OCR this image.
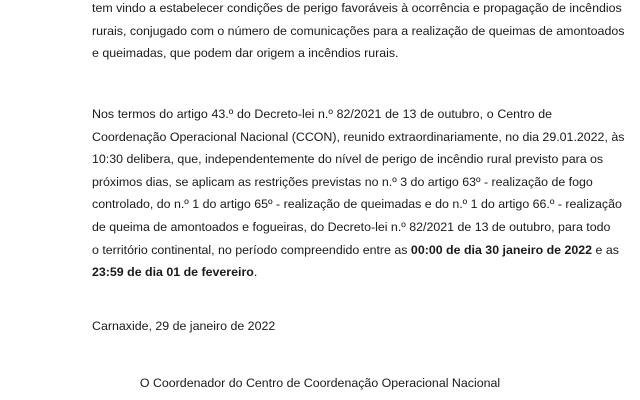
tem vindo a estabelecer condições de perigo favoráveis à ocorrência e propagação de incêndios
rurais, conjugado com o número de comunicações para a realização de queimas de amontoados
e queimadas, que podem dar origem a incêndios rurais.

Nos termos do artigo 43.º do Decreto-lei n.º 82/2021 de 13 de outubro, o Centro de
Coordenação Operacional Nacional (CCON), reunido extraordinariamente, no dia 29.01.2022, às
10:30 delibera, que, independentemente do nível de perigo de incêndio rural previsto para os
próximos dias, se aplicam as restrições previstas no n.º 3 do artigo 63º - realização de fogo
controlado, do n.º 1 do artigo 65º - realização de queimadas e do n.º 1 do artigo 66.º - realização
de queima de amontoados e fogueiras, do Decreto-lei n.º 82/2021 de 13 de outubro, para todo
o território continental, no período compreendido entre as 00:00 de dia 30 janeiro de 2022 e as
23:59 de dia 01 de fevereiro.

Carnaxide, 29 de janeiro de 2022

O Coordenador do Centro de Coordenação Operacional Nacional
